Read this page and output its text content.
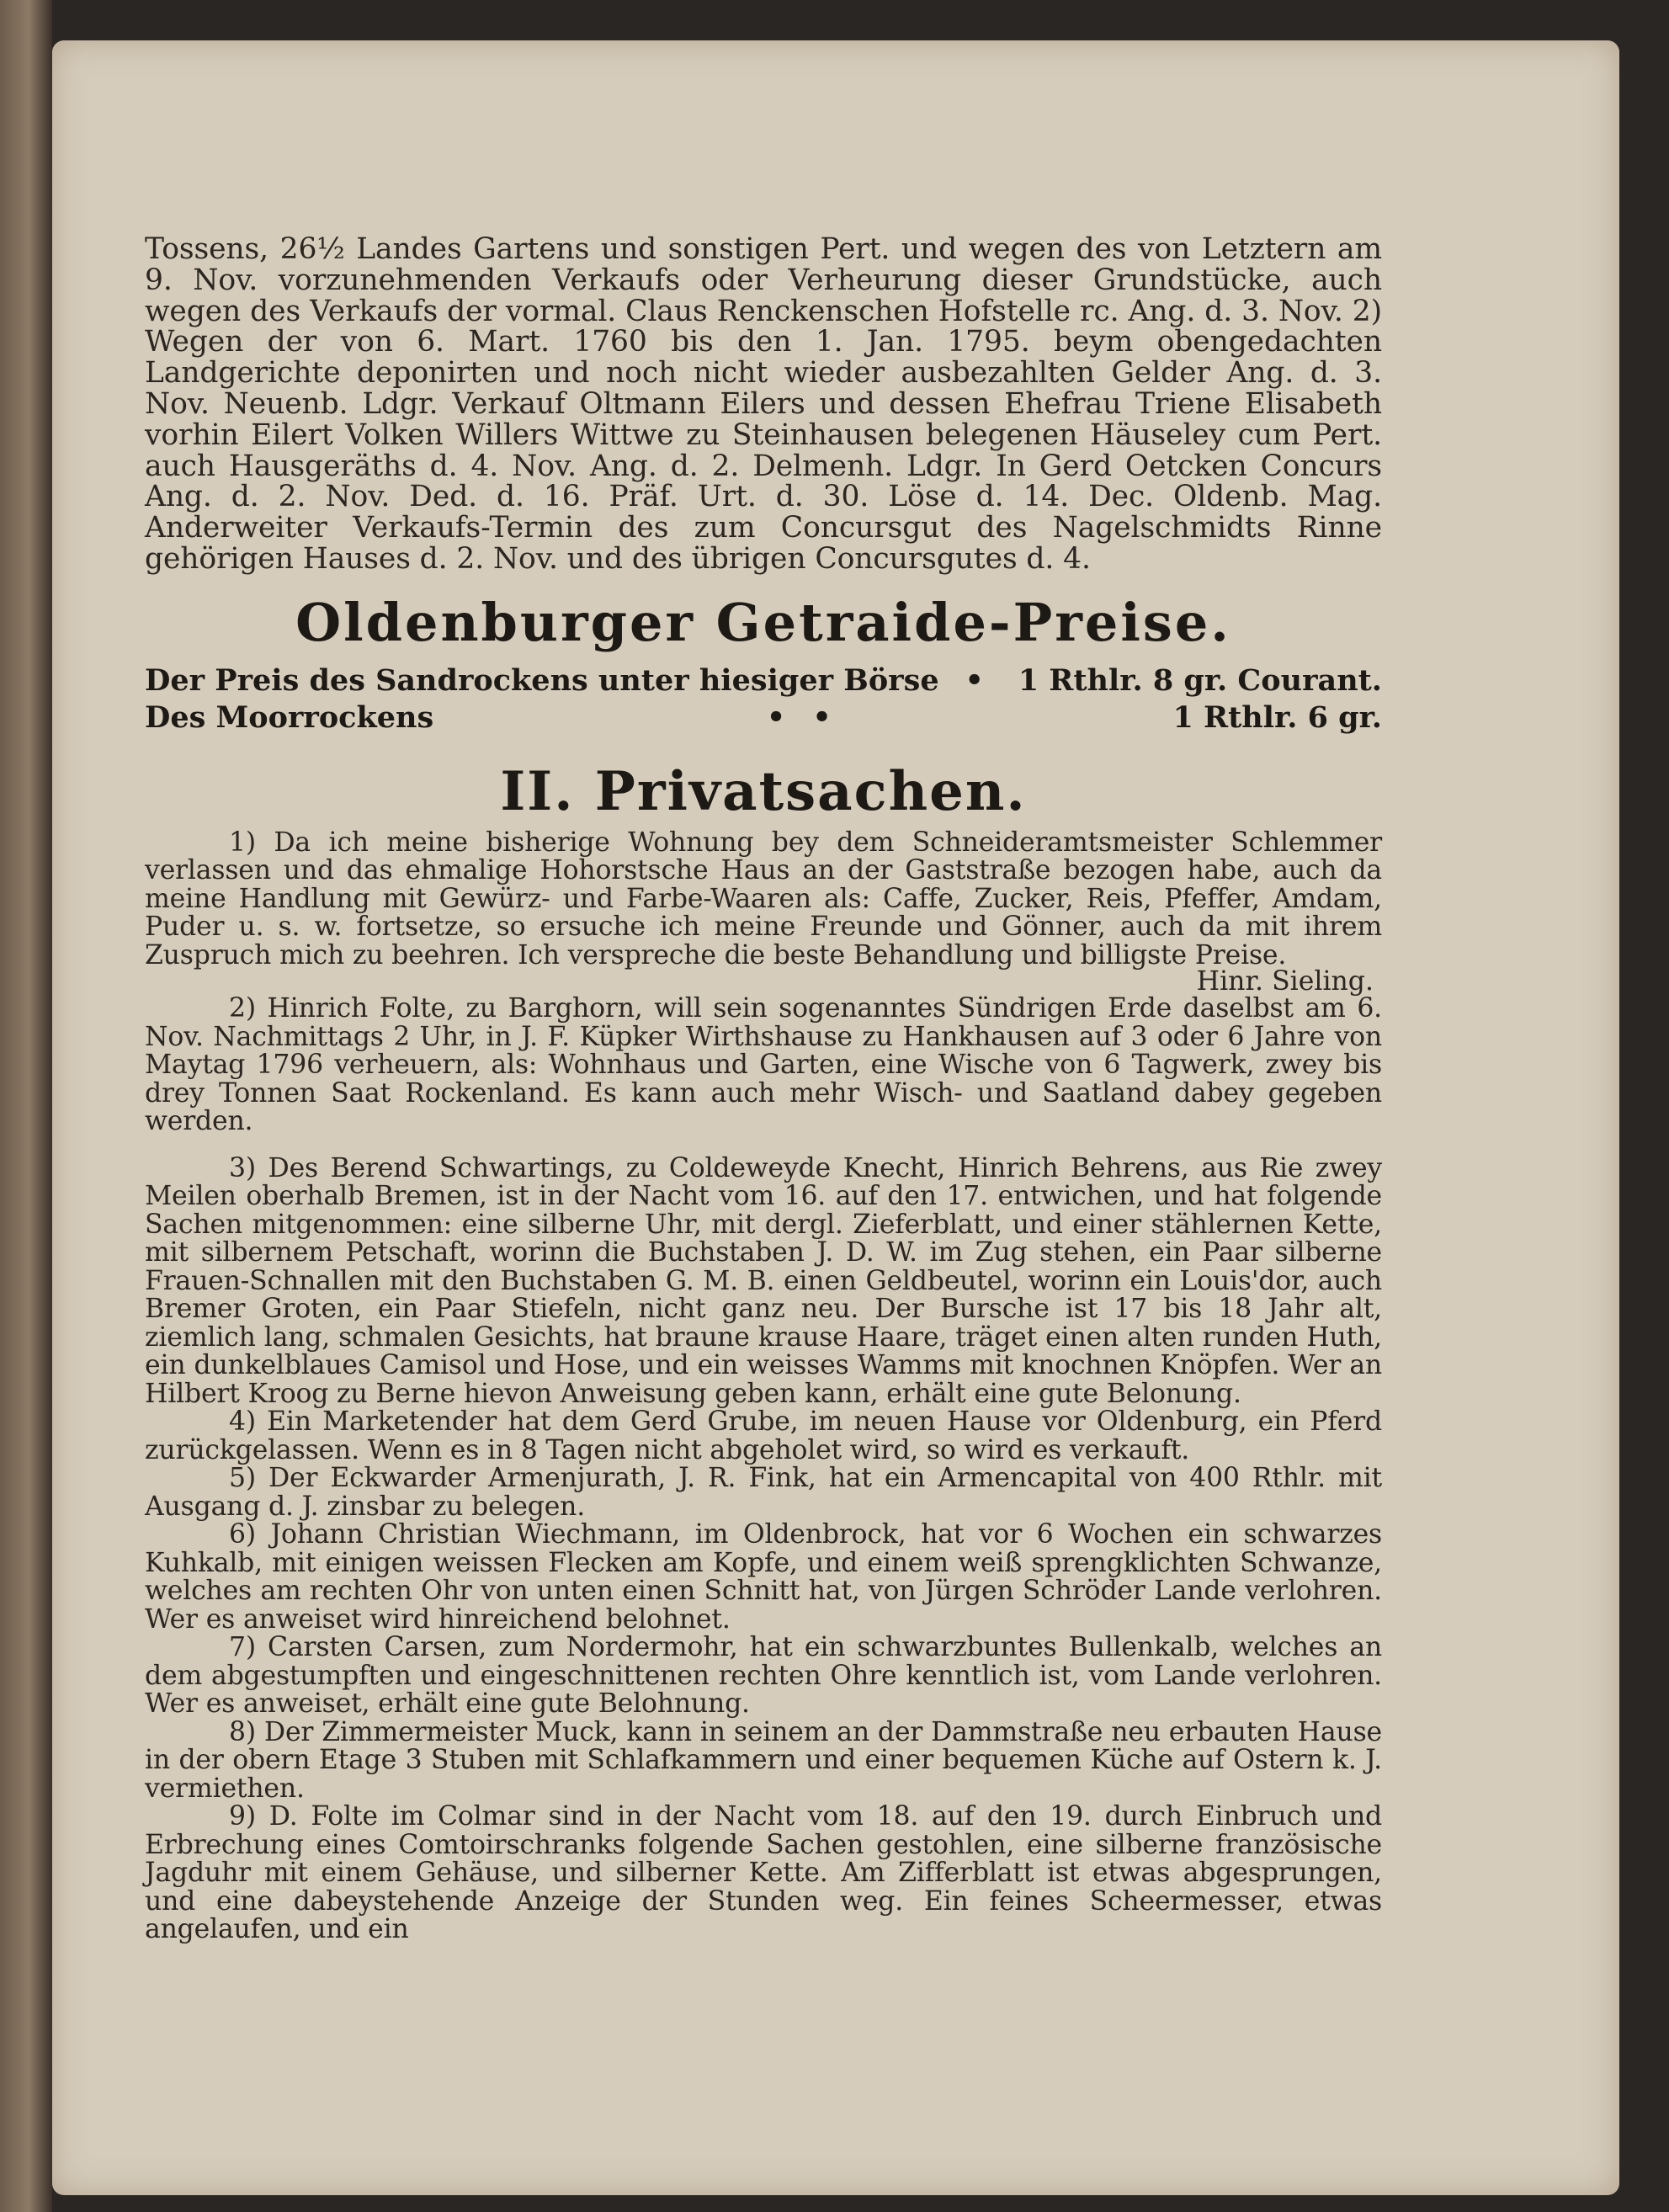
Tossens, 26½ Landes Gartens und sonstigen Pert. und wegen des von Letztern am 9. Nov. vorzunehmenden Verkaufs oder Verheurung dieser Grundstücke, auch wegen des Verkaufs der vormal. Claus Renckenschen Hofstelle rc. Ang. d. 3. Nov. 2) Wegen der von 6. Mart. 1760 bis den 1. Jan. 1795. beym obengedachten Landgerichte deponirten und noch nicht wieder ausbezahlten Gelder Ang. d. 3. Nov. Neuenb. Ldgr. Verkauf Oltmann Eilers und dessen Ehefrau Triene Elisabeth vorhin Eilert Volken Willers Wittwe zu Steinhausen belegenen Häuseley cum Pert. auch Hausgeräths d. 4. Nov. Ang. d. 2. Delmenh. Ldgr. In Gerd Oetcken Concurs Ang. d. 2. Nov. Ded. d. 16. Präf. Urt. d. 30. Löse d. 14. Dec. Oldenb. Mag. Anderweiter Verkaufs-Termin des zum Concursgut des Nagelschmidts Rinne gehörigen Hauses d. 2. Nov. und des übrigen Concursgutes d. 4.

Oldenburger Getraide-Preise.
Der Preis des Sandrockens unter hiesiger Börse • 1 Rthlr. 8 gr. Courant.
Des Moorrockens	• •	1 Rthlr. 6 gr.
II. Privatsachen.

1) Da ich meine bisherige Wohnung bey dem Schneideramtsmeister Schlemmer verlassen und das ehmalige Hohorstsche Haus an der Gaststraße bezogen habe, auch da meine Handlung mit Gewürz- und Farbe-Waaren als: Caffe, Zucker, Reis, Pfeffer, Amdam, Puder u. s. w. fortsetze, so ersuche ich meine Freunde und Gönner, auch da mit ihrem Zuspruch mich zu beehren. Ich verspreche die beste Behandlung und billigste Preise.

Hinr. Sieling.

2) Hinrich Folte, zu Barghorn, will sein sogenanntes Sündrigen Erde daselbst am 6. Nov. Nachmittags 2 Uhr, in J. F. Küpker Wirthshause zu Hankhausen auf 3 oder 6 Jahre von Maytag 1796 verheuern, als: Wohnhaus und Garten, eine Wische von 6 Tagwerk, zwey bis drey Tonnen Saat Rockenland. Es kann auch mehr Wisch- und Saatland dabey gegeben werden.

3) Des Berend Schwartings, zu Coldeweyde Knecht, Hinrich Behrens, aus Rie zwey Meilen oberhalb Bremen, ist in der Nacht vom 16. auf den 17. entwichen, und hat folgende Sachen mitgenommen: eine silberne Uhr, mit dergl. Zieferblatt, und einer stählernen Kette, mit silbernem Petschaft, worinn die Buchstaben J. D. W. im Zug stehen, ein Paar silberne Frauen-Schnallen mit den Buchstaben G. M. B. einen Geldbeutel, worinn ein Louis'dor, auch Bremer Groten, ein Paar Stiefeln, nicht ganz neu. Der Bursche ist 17 bis 18 Jahr alt, ziemlich lang, schmalen Gesichts, hat braune krause Haare, träget einen alten runden Huth, ein dunkelblaues Camisol und Hose, und ein weisses Wamms mit knochnen Knöpfen. Wer an Hilbert Kroog zu Berne hievon Anweisung geben kann, erhält eine gute Belonung.

4) Ein Marketender hat dem Gerd Grube, im neuen Hause vor Oldenburg, ein Pferd zurückgelassen. Wenn es in 8 Tagen nicht abgeholet wird, so wird es verkauft.

5) Der Eckwarder Armenjurath, J. R. Fink, hat ein Armencapital von 400 Rthlr. mit Ausgang d. J. zinsbar zu belegen.

6) Johann Christian Wiechmann, im Oldenbrock, hat vor 6 Wochen ein schwarzes Kuhkalb, mit einigen weissen Flecken am Kopfe, und einem weiß sprengklichten Schwanze, welches am rechten Ohr von unten einen Schnitt hat, von Jürgen Schröder Lande verlohren. Wer es anweiset wird hinreichend belohnet.

7) Carsten Carsen, zum Nordermohr, hat ein schwarzbuntes Bullenkalb, welches an dem abgestumpften und eingeschnittenen rechten Ohre kenntlich ist, vom Lande verlohren. Wer es anweiset, erhält eine gute Belohnung.

8) Der Zimmermeister Muck, kann in seinem an der Dammstraße neu erbauten Hause in der obern Etage 3 Stuben mit Schlafkammern und einer bequemen Küche auf Ostern k. J. vermiethen.

9) D. Folte im Colmar sind in der Nacht vom 18. auf den 19. durch Einbruch und Erbrechung eines Comtoirschranks folgende Sachen gestohlen, eine silberne französische Jagduhr mit einem Gehäuse, und silberner Kette. Am Zifferblatt ist etwas abgesprungen, und eine dabeystehende Anzeige der Stunden weg. Ein feines Scheermesser, etwas angelaufen, und ein
